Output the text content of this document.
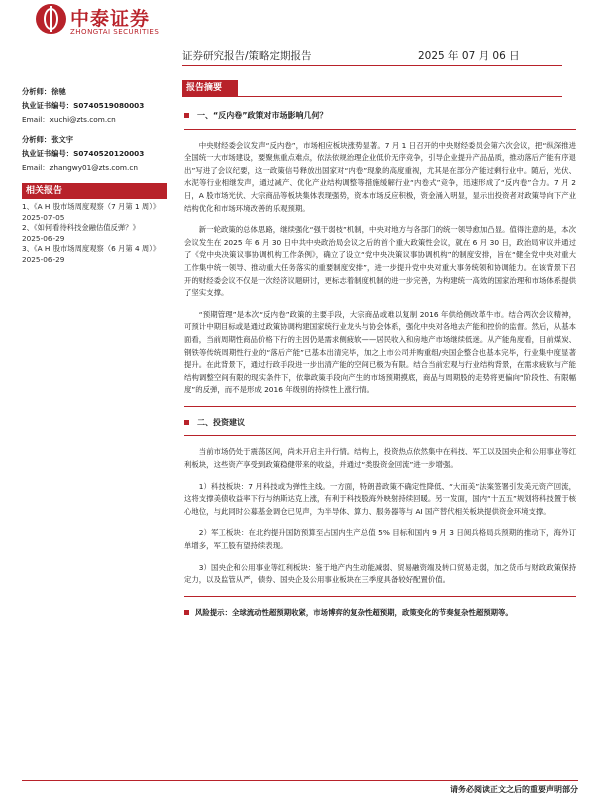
中泰证券
ZHONGTAI SECURITIES
证券研究报告/策略定期报告	2025 年 07 月 06 日
分析师：徐驰
执业证书编号：S0740519080003
Email：xuchi@zts.com.cn
分析师：张文宇
执业证书编号：S0740520120003
Email：zhangwy01@zts.com.cn
相关报告
1、《A H 股市场周度观察（7 月第 1 周）》
2025-07-05
2、《如何看待科技金融估值反弹？》
2025-06-29
3、《A H 股市场周度观察（6 月第 4 周）》
2025-06-29
报告摘要
一、“反内卷”政策对市场影响几何？

中央财经委会议发声“反内卷”，市场相应板块涨势显著。7 月 1 日召开的中央财经委员会第六次会议，把“纵深推进全国统一大市场建设，要聚焦重点难点，依法依规治理企业低价无序竞争，引导企业提升产品品质，推动落后产能有序退出”写进了会议纪要，这一政策信号释放出国家对“内卷”现象的高度重视，尤其是在部分产能过剩行业中。随后，光伏、水泥等行业相继发声，通过减产、优化产业结构调整等措施缓解行业“内卷式”竞争，迅速形成了“反内卷”合力。7 月 2 日，A 股市场光伏、大宗商品等板块集体表现强势，资本市场反应积极，资金涌入明显，显示出投资者对政策导向下产业结构优化和市场环境改善的乐观预期。

新一轮政策的总体思路，继续强化“强干弱枝”机制，中央对地方与各部门的统一领导愈加凸显。值得注意的是，本次会议发生在 2025 年 6 月 30 日中共中央政治局会议之后的首个重大政策性会议，就在 6 月 30 日，政治局审议并通过了《党中央决策议事协调机构工作条例》，确立了设立“党中央决策议事协调机构”的制度安排，旨在“健全党中央对重大工作集中统一领导、推动重大任务落实的重要制度安排”，进一步提升党中央对重大事务统领和协调能力。在该背景下召开的财经委会议不仅是一次经济议题研讨，更标志着制度机制的进一步完善，为构建统一高效的国家治理和市场体系提供了坚实支撑。

“预期管理”是本次“反内卷”政策的主要手段，大宗商品或难以复制 2016 年供给侧改革牛市。结合两次会议精神，可预计中期目标或是通过政策协调构建国家统行业龙头与协会体系，强化中央对各地去产能和控价的监督。然后，从基本面看，当前周期性商品价格下行的主因仍是需求侧疲软——居民收入和房地产市场继续低迷。从产能角度看，目前煤炭、钢铁等传统周期性行业的“落后产能”已基本出清完毕，加之上市公司并购重组/央国企整合也基本完毕，行业集中度显著提升。在此背景下，通过行政手段进一步出清产能的空间已极为有限。结合当前宏观与行业结构背景，在需求疲软与产能结构调整空间有限的现实条件下，依靠政策手段向产生的市场预期摸底，商品与周期股的走势将更偏向“阶段性、有限幅度”的反弹，而不是形成 2016 年级别的持续性上涨行情。

二、投资建议

当前市场仍处于震荡区间，尚未开启主升行情。结构上，投资热点依然集中在科技、军工以及国央企和公用事业等红利板块，这些资产享受到政策稳健带来的收益，并通过“类股资金回流”进一步增强。

1）科技板块：7 月科技或为弹性主线。一方面，特朗普政策不确定性降低、“大而美”法案签署引发美元资产回流，这将支撑美债收益率下行与纳斯达克上涨，有利于科技股海外映射持续回暖。另一发面，国内“十五五”规划将科技置于核心地位，与此同时公募基金调仓已见声，为半导体、算力、服务器等与 AI 国产替代相关板块提供资金环境支撑。

2）军工板块：在北约提升国防预算至占国内生产总值 5% 目标和国内 9 月 3 日阅兵格局兵预期的推动下，海外订单增多，军工股有望持续表现。

3）国央企和公用事业等红利板块：鉴于地产内生动能减弱、贸易融资端及转口贸易走弱，加之货币与财政政策保持定力，以及监管从严，债券、国央企及公用事业板块在三季度具备较好配置价值。

风险提示：全球流动性超预期收紧，市场博弈的复杂性超预期，政策变化的节奏复杂性超预期等。
请务必阅读正文之后的重要声明部分
